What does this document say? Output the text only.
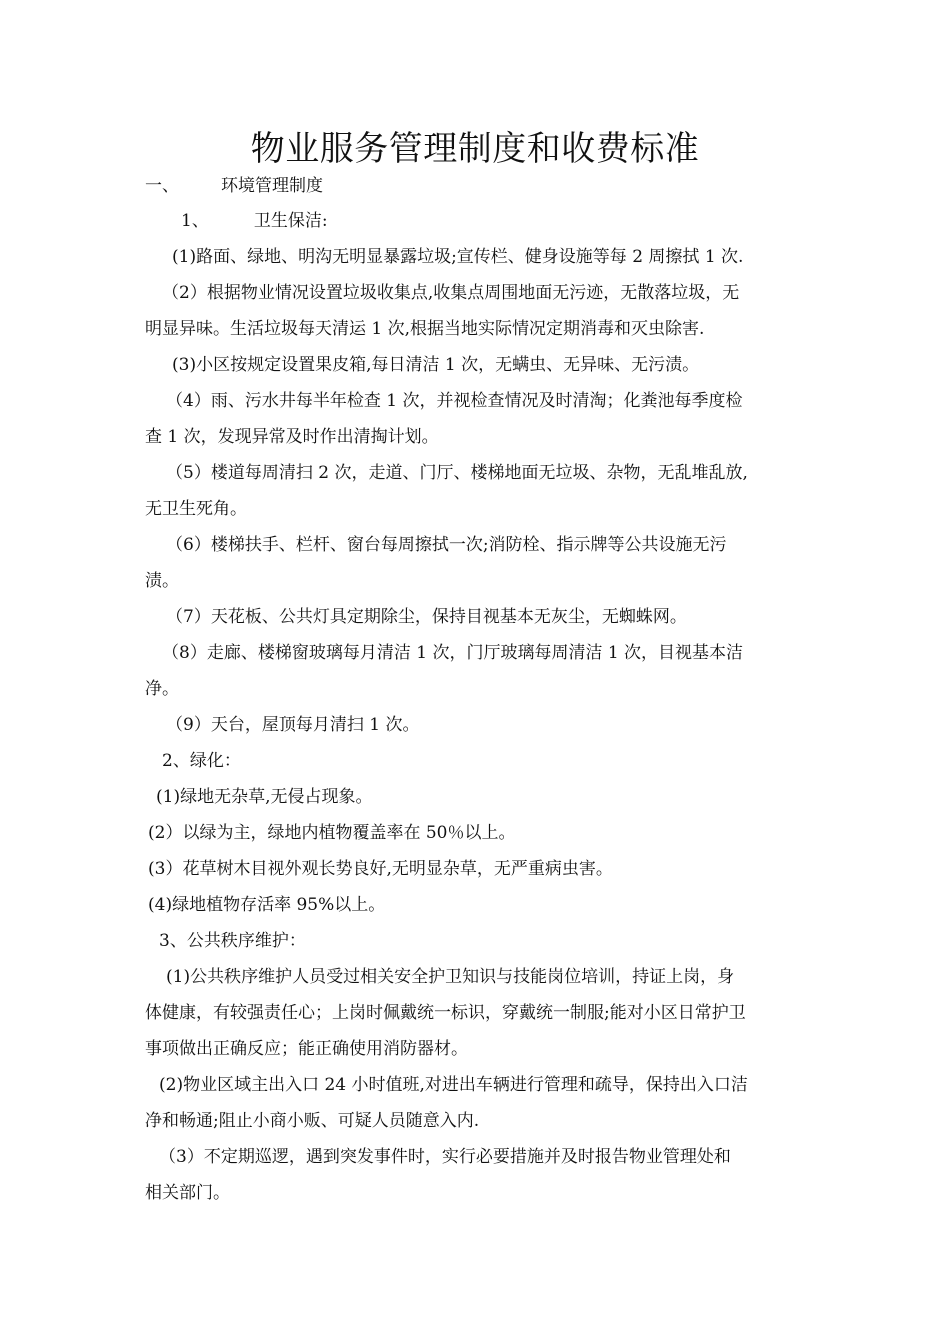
物业服务管理制度和收费标准
一、 环境管理制度
1、	卫生保洁:
(1)路面、绿地、明沟无明显暴露垃圾;宣传栏、健身设施等每 2 周擦拭 1 次.
（2）根据物业情况设置垃圾收集点,收集点周围地面无污迹，无散落垃圾，无
明显异味。生活垃圾每天清运 1 次,根据当地实际情况定期消毒和灭虫除害.
(3)小区按规定设置果皮箱,每日清洁 1 次，无螨虫、无异味、无污渍。
（4）雨、污水井每半年检查 1 次，并视检查情况及时清淘；化粪池每季度检
查 1 次，发现异常及时作出清掏计划。
（5）楼道每周清扫 2 次，走道、门厅、楼梯地面无垃圾、杂物，无乱堆乱放,
无卫生死角。
（6）楼梯扶手、栏杆、窗台每周擦拭一次;消防栓、指示牌等公共设施无污
渍。
（7）天花板、公共灯具定期除尘，保持目视基本无灰尘，无蜘蛛网。
（8）走廊、楼梯窗玻璃每月清洁 1 次，门厅玻璃每周清洁 1 次，目视基本洁
净。
（9）天台，屋顶每月清扫 1 次。
2、绿化：
(1)绿地无杂草,无侵占现象。
(2）以绿为主，绿地内植物覆盖率在 50％以上。
(3）花草树木目视外观长势良好,无明显杂草，无严重病虫害。
(4)绿地植物存活率 95%以上。
3、公共秩序维护：
(1)公共秩序维护人员受过相关安全护卫知识与技能岗位培训，持证上岗，身
体健康，有较强责任心；上岗时佩戴统一标识，穿戴统一制服;能对小区日常护卫
事项做出正确反应；能正确使用消防器材。
(2)物业区域主出入口 24 小时值班,对进出车辆进行管理和疏导，保持出入口洁
净和畅通;阻止小商小贩、可疑人员随意入内.
（3）不定期巡逻，遇到突发事件时，实行必要措施并及时报告物业管理处和
相关部门。
